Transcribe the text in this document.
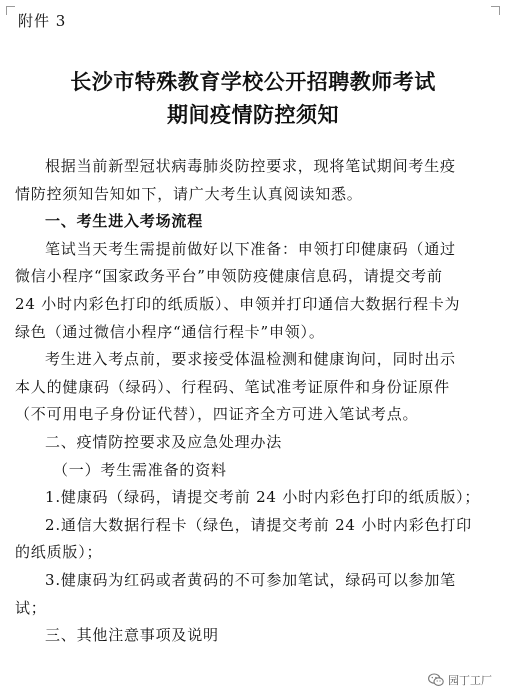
附件 3
长沙市特殊教育学校公开招聘教师考试
期间疫情防控须知
根据当前新型冠状病毒肺炎防控要求，现将笔试期间考生疫
情防控须知告知如下，请广大考生认真阅读知悉。
一、考生进入考场流程
笔试当天考生需提前做好以下准备：申领打印健康码（通过
微信小程序“国家政务平台”申领防疫健康信息码，请提交考前
24 小时内彩色打印的纸质版）、申领并打印通信大数据行程卡为
绿色（通过微信小程序“通信行程卡”申领）。
考生进入考点前，要求接受体温检测和健康询问，同时出示
本人的健康码（绿码）、行程码、笔试准考证原件和身份证原件
（不可用电子身份证代替），四证齐全方可进入笔试考点。
二、疫情防控要求及应急处理办法
（一）考生需准备的资料
1.健康码（绿码，请提交考前 24 小时内彩色打印的纸质版）；
2.通信大数据行程卡（绿色，请提交考前 24 小时内彩色打印
的纸质版）；
3.健康码为红码或者黄码的不可参加笔试，绿码可以参加笔
试；
三、其他注意事项及说明
园丁工厂
